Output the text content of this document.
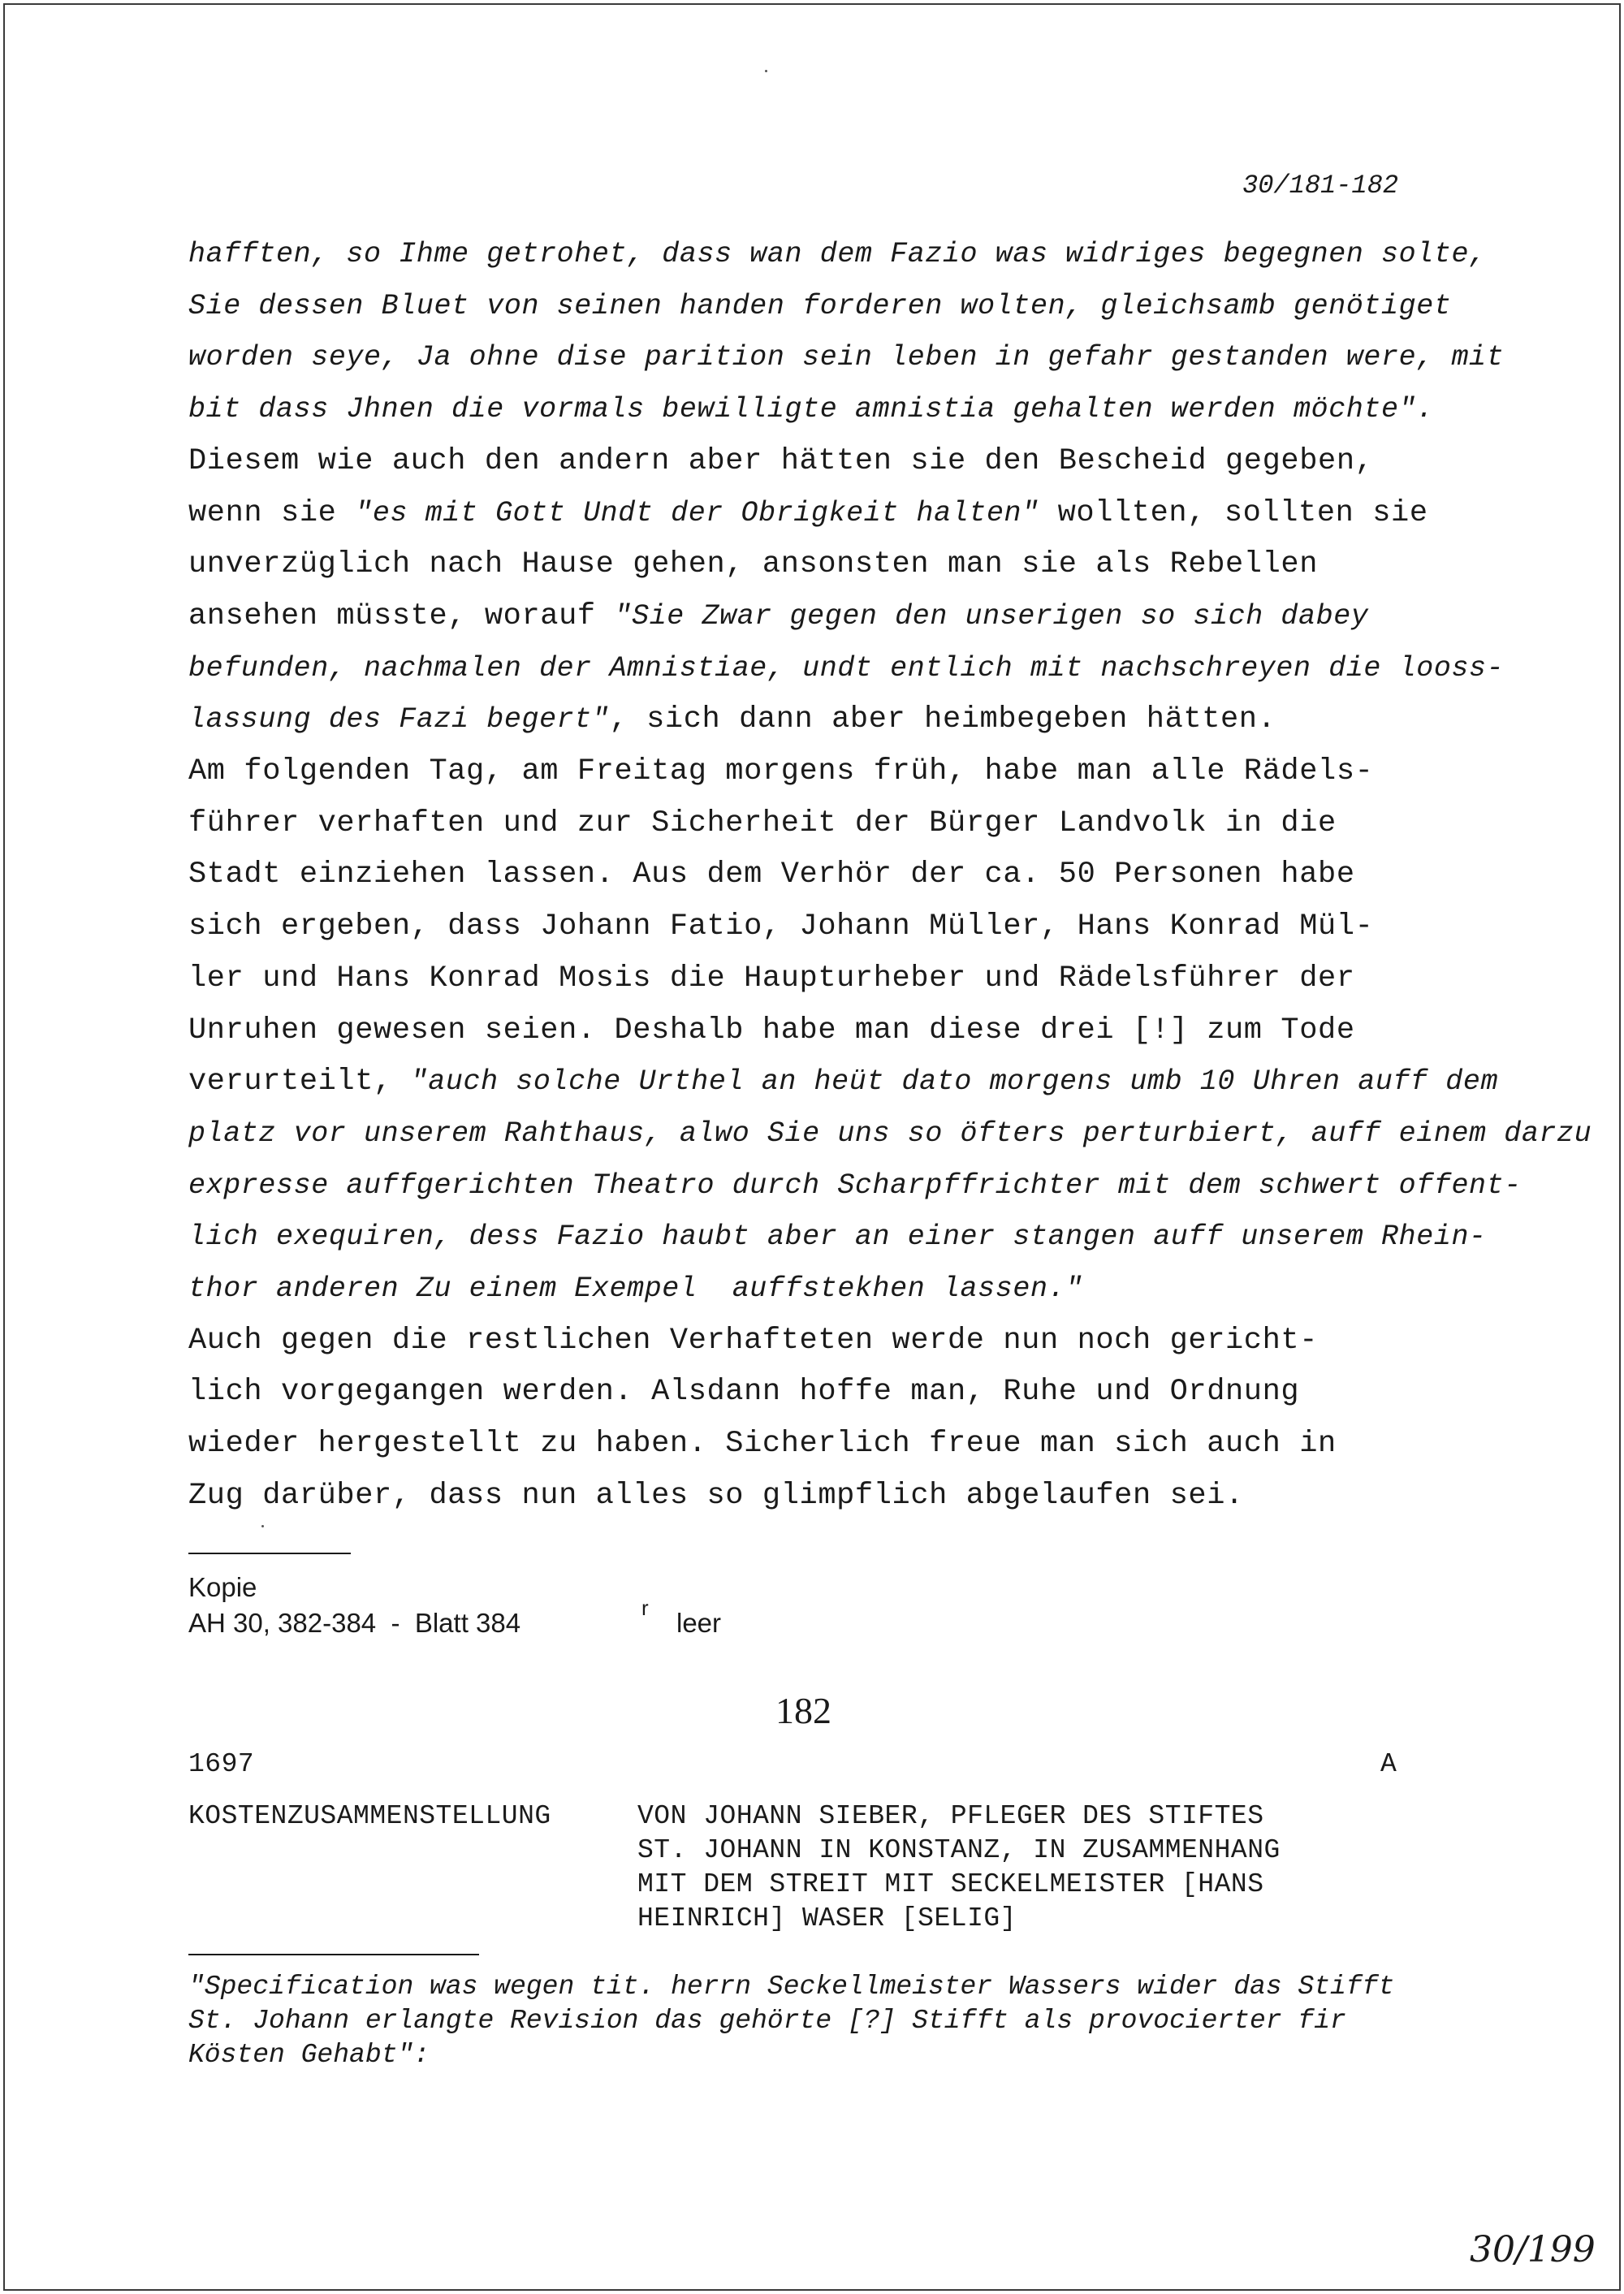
30/181-182
hafften, so Ihme getrohet, dass wan dem Fazio was widriges begegnen solte,
Sie dessen Bluet von seinen handen forderen wolten, gleichsamb genötiget
worden seye, Ja ohne dise parition sein leben in gefahr gestanden were, mit
bit dass Jhnen die vormals bewilligte amnistia gehalten werden möchte".
Diesem wie auch den andern aber hätten sie den Bescheid gegeben,
wenn sie "es mit Gott Undt der Obrigkeit halten" wollten, sollten sie
unverzüglich nach Hause gehen, ansonsten man sie als Rebellen
ansehen müsste, worauf "Sie Zwar gegen den unserigen so sich dabey
befunden, nachmalen der Amnistiae, undt entlich mit nachschreyen die looss-
lassung des Fazi begert", sich dann aber heimbegeben hätten.
Am folgenden Tag, am Freitag morgens früh, habe man alle Rädels-
führer verhaften und zur Sicherheit der Bürger Landvolk in die
Stadt einziehen lassen. Aus dem Verhör der ca. 50 Personen habe
sich ergeben, dass Johann Fatio, Johann Müller, Hans Konrad Mül-
ler und Hans Konrad Mosis die Haupturheber und Rädelsführer der
Unruhen gewesen seien. Deshalb habe man diese drei [!] zum Tode
verurteilt, "auch solche Urthel an heüt dato morgens umb 10 Uhren auff dem
platz vor unserem Rahthaus, alwo Sie uns so öfters perturbiert, auff einem darzu
expresse auffgerichten Theatro durch Scharpffrichter mit dem schwert offent-
lich exequiren, dess Fazio haubt aber an einer stangen auff unserem Rhein-
thor anderen Zu einem Exempel  auffstekhen lassen."
Auch gegen die restlichen Verhafteten werde nun noch gericht-
lich vorgegangen werden. Alsdann hoffe man, Ruhe und Ordnung
wieder hergestellt zu haben. Sicherlich freue man sich auch in
Zug darüber, dass nun alles so glimpflich abgelaufen sei.
Kopie
AH 30, 382-384  -  Blatt 384	r leer
182
1697	A
KOSTENZUSAMMENSTELLUNG	VON JOHANN SIEBER, PFLEGER DES STIFTES
ST. JOHANN IN KONSTANZ, IN ZUSAMMENHANG
MIT DEM STREIT MIT SECKELMEISTER [HANS
HEINRICH] WASER [SELIG]
"Specification was wegen tit. herrn Seckellmeister Wassers wider das Stifft
St. Johann erlangte Revision das gehörte [?] Stifft als provocierter fir
Kösten Gehabt":
30/199
